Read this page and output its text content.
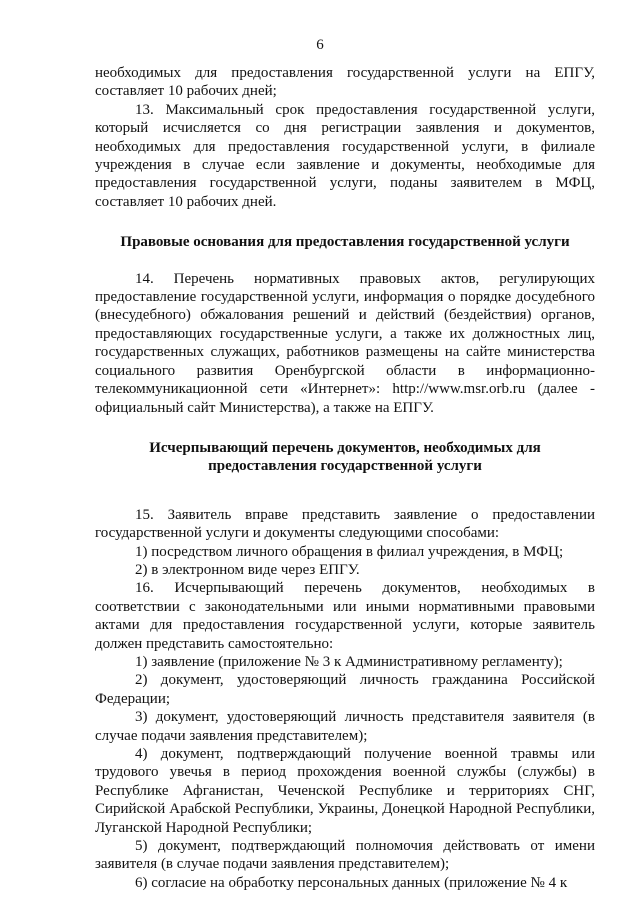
6

необходимых для предоставления государственной услуги на ЕПГУ, составляет 10 рабочих дней;

13. Максимальный срок предоставления государственной услуги, который исчисляется со дня регистрации заявления и документов, необходимых для предоставления государственной услуги, в филиале учреждения в случае если заявление и документы, необходимые для предоставления государственной услуги, поданы заявителем в МФЦ, составляет 10 рабочих дней.

Правовые основания для предоставления государственной услуги

14. Перечень нормативных правовых актов, регулирующих предоставление государственной услуги, информация о порядке досудебного (внесудебного) обжалования решений и действий (бездействия) органов, предоставляющих государственные услуги, а также их должностных лиц, государственных служащих, работников размещены на сайте министерства социального развития Оренбургской области в информационно-телекоммуникационной сети «Интернет»: http://www.msr.orb.ru (далее - официальный сайт Министерства), а также на ЕПГУ.

Исчерпывающий перечень документов, необходимых для предоставления государственной услуги

15. Заявитель вправе представить заявление о предоставлении государственной услуги и документы следующими способами:

1) посредством личного обращения в филиал учреждения, в МФЦ;

2) в электронном виде через ЕПГУ.

16. Исчерпывающий перечень документов, необходимых в соответствии с законодательными или иными нормативными правовыми актами для предоставления государственной услуги, которые заявитель должен представить самостоятельно:

1) заявление (приложение № 3 к Административному регламенту);

2) документ, удостоверяющий личность гражданина Российской Федерации;

3) документ, удостоверяющий личность представителя заявителя (в случае подачи заявления представителем);

4) документ, подтверждающий получение военной травмы или трудового увечья в период прохождения военной службы (службы) в Республике Афганистан, Чеченской Республике и территориях СНГ, Сирийской Арабской Республики, Украины, Донецкой Народной Республики, Луганской Народной Республики;

5) документ, подтверждающий полномочия действовать от имени заявителя (в случае подачи заявления представителем);

6) согласие на обработку персональных данных (приложение № 4 к
